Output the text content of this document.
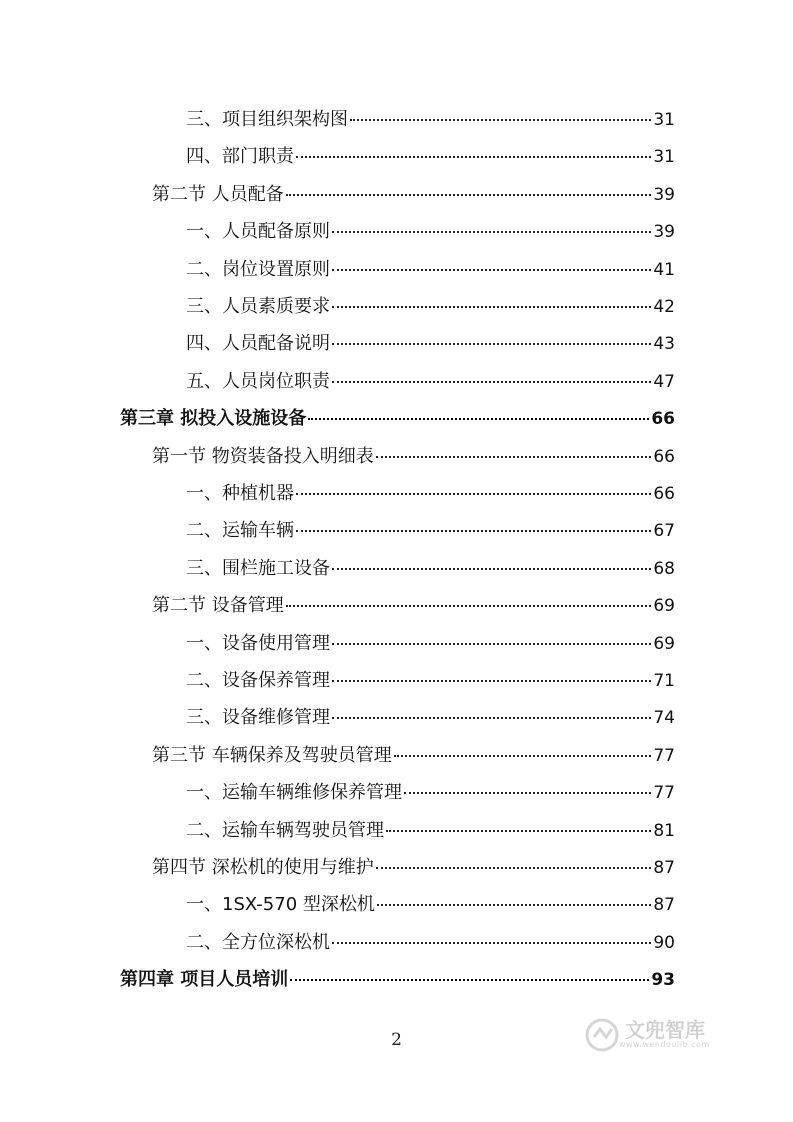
三、项目组织架构图	31
四、部门职责	31
第二节 人员配备	39
一、人员配备原则	39
二、岗位设置原则	41
三、人员素质要求	42
四、人员配备说明	43
五、人员岗位职责	47
第三章 拟投入设施设备	66
第一节 物资装备投入明细表	66
一、种植机器	66
二、运输车辆	67
三、围栏施工设备	68
第二节 设备管理	69
一、设备使用管理	69
二、设备保养管理	71
三、设备维修管理	74
第三节 车辆保养及驾驶员管理	77
一、运输车辆维修保养管理	77
二、运输车辆驾驶员管理	81
第四节 深松机的使用与维护	87
一、1SX-570 型深松机	87
二、全方位深松机	90
第四章 项目人员培训	93
2	文兜智库
www.wendoulib.com
